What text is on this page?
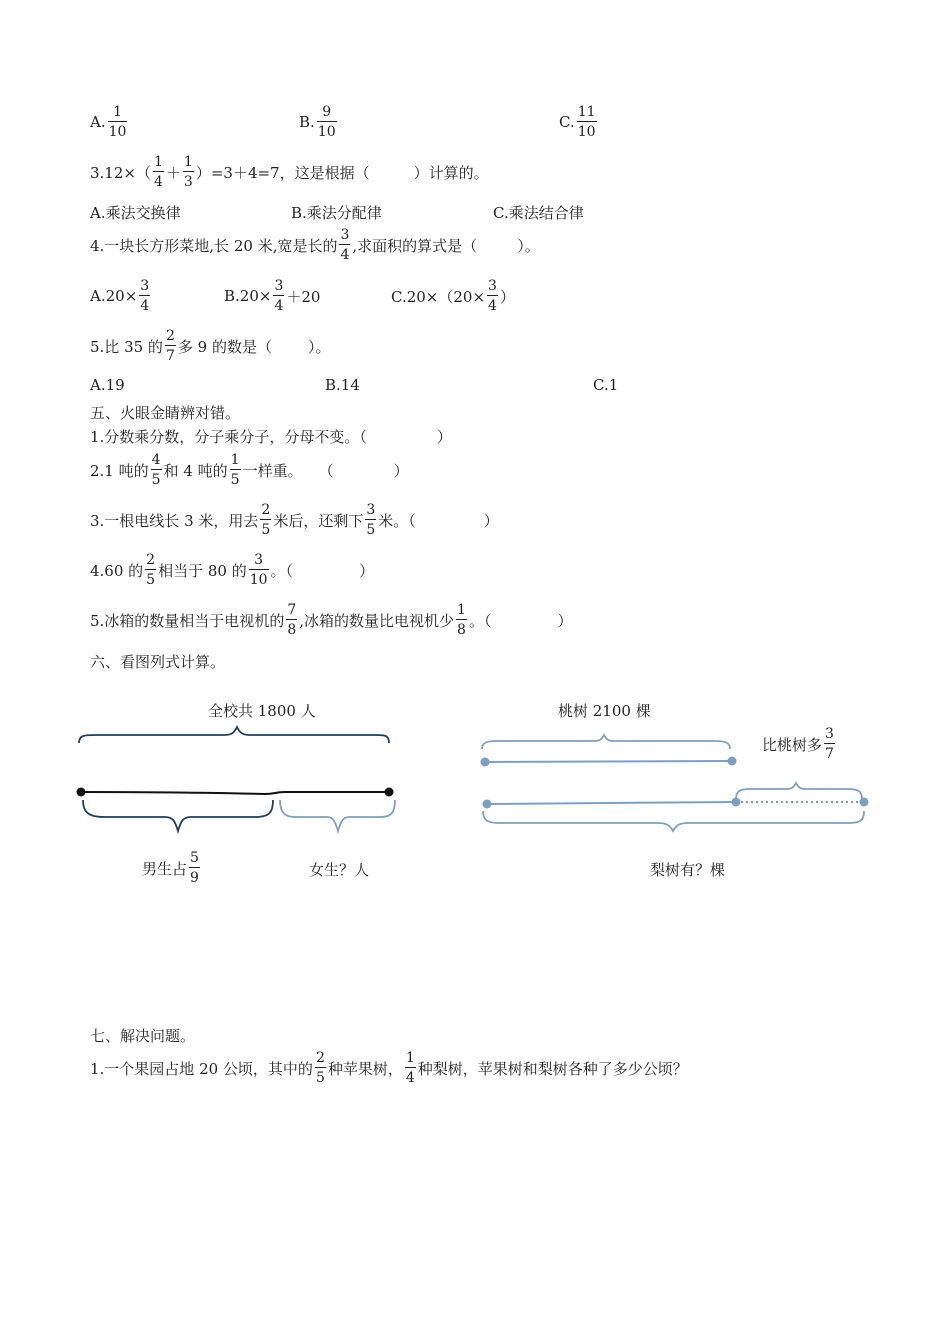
A.
1
10
B.
9
10
C.
11
10
3.12×（
1
4
＋
1
3
）=3＋4=7，这是根据（	）计算的。
A.乘法交换律	B.乘法分配律	C.乘法结合律
4.一块长方形菜地,长 20 米,宽是长的
3
4
,求面积的算式是（	）。
$A.20\times \frac{3}{4}$	$B.20\times \frac{3}{4} +20$	$C.20\times(20\times \frac{3}{4}$ ）
5.比 35 的
2
7
多 9 的数是（ ）。
A.19	B.14	C.1
五、火眼金睛辨对错。
1.分数乘分数，分子乘分子，分母不变。（	）
2.1 吨的
4
5
和 4 吨的
1
5
一样重。 （	）
3.一根电线长 3 米，用去
2
5
米后，还剩下
3
5
米。（	）
4.60 的
2
5
相当于 80 的
3
10
。（	）
5.冰箱的数量相当于电视机的
7
8
,冰箱的数量比电视机少
1
8
。（	）
六、看图列式计算。
全校共 1800 人
男生占
5
9	女生？人
桃树 2100 棵
比桃树多
3
7
梨树有？棵
七、解决问题。
1.一个果园占地 20 公顷，其中的
2
5
种苹果树，
1
4
种梨树，苹果树和梨树各种了多少公顷？
